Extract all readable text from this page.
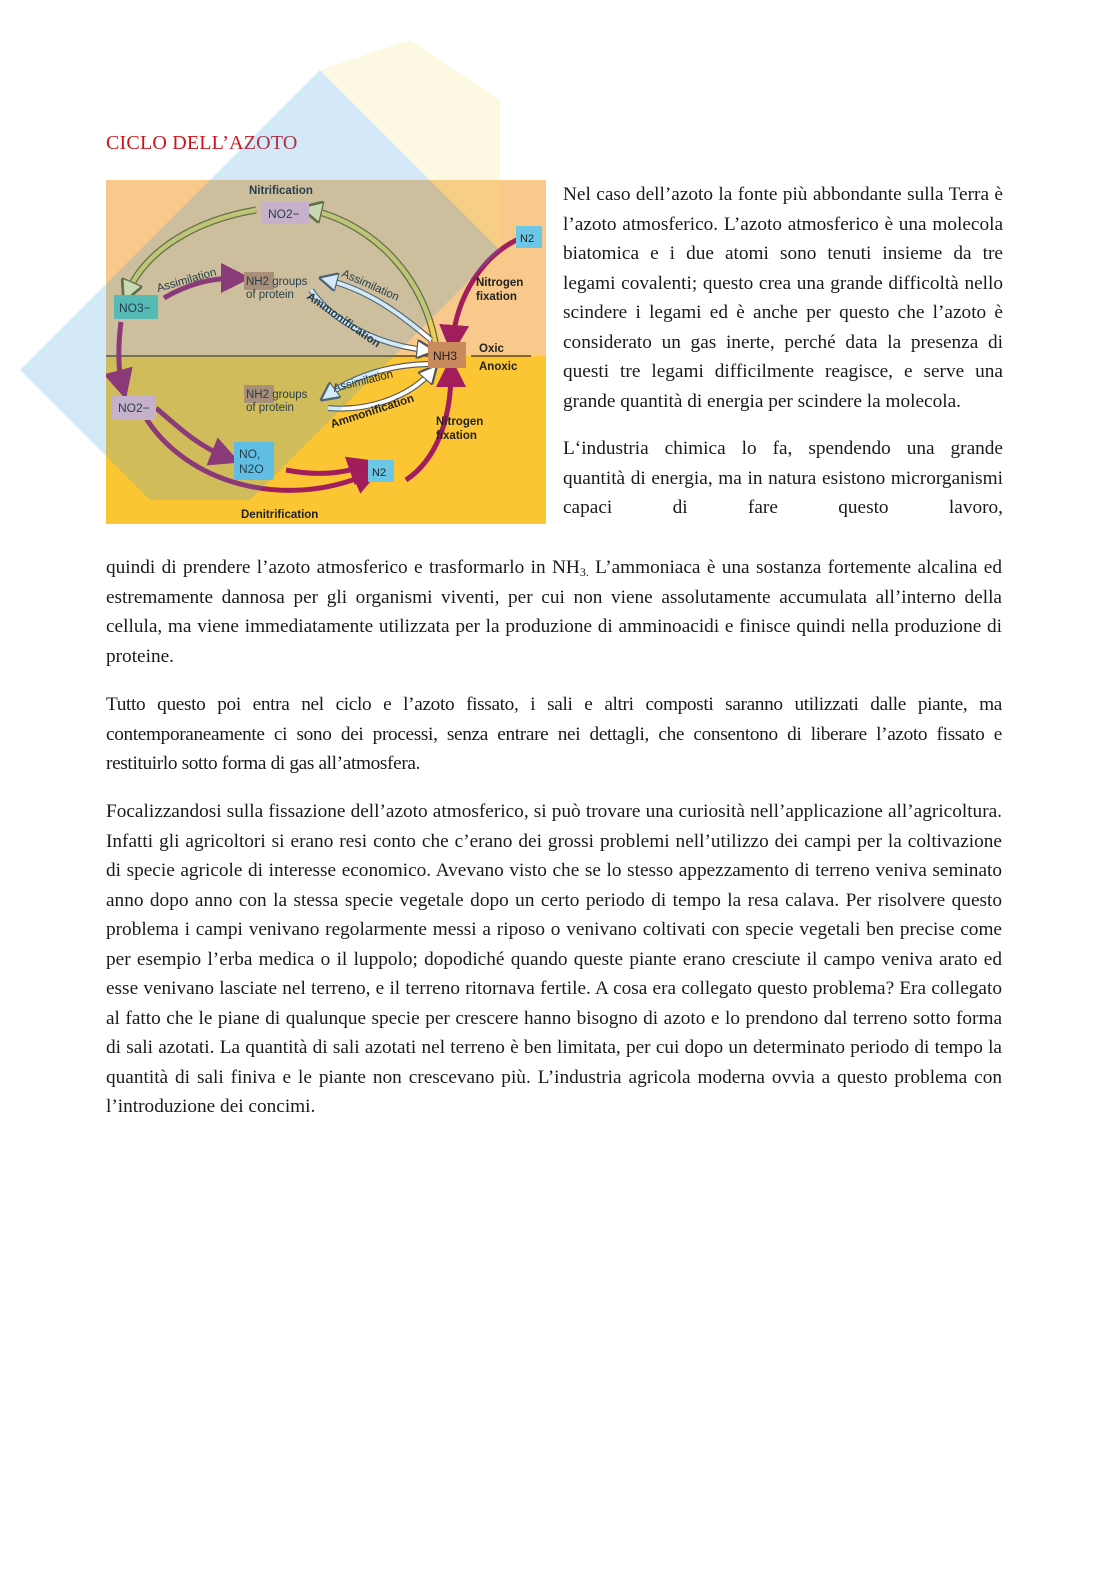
CICLO DELL’AZOTO
Nitrification
NO2−
NO3−
Assimilation NH2 groups
of protein	Assimilation
Ammonification
N2
Nitrogen
fixation
NH3 Oxic
Anoxic
NO2−
NH2 groups
of protein
Assimilation
Ammonification Nitrogen
fixation
NO,
N2O	N2
Denitrification

Nel caso dell’azoto la fonte più abbondante sulla Terra è l’azoto atmosferico. L’azoto atmosferico è una molecola biatomica e i due atomi sono tenuti insieme da tre legami covalenti; questo crea una grande difficoltà nello scindere i legami ed è anche per questo che l’azoto è considerato un gas inerte, perché data la presenza di questi tre legami difficilmente reagisce, e serve una grande quantità di energia per scindere la molecola.

L‘industria chimica lo fa, spendendo una grande quantità di energia, ma in natura esistono microrganismi capaci di fare questo lavoro,

quindi di prendere l’azoto atmosferico e trasformarlo in $NH_{3.}$ L’ammoniaca è una sostanza fortemente alcalina ed estremamente dannosa per gli organismi viventi, per cui non viene assolutamente accumulata all’interno della cellula, ma viene immediatamente utilizzata per la produzione di amminoacidi e finisce quindi nella produzione di proteine.

Tutto questo poi entra nel ciclo e l’azoto fissato, i sali e altri composti saranno utilizzati dalle piante, ma contemporaneamente ci sono dei processi, senza entrare nei dettagli, che consentono di liberare l’azoto fissato e restituirlo sotto forma di gas all’atmosfera.

Focalizzandosi sulla fissazione dell’azoto atmosferico, si può trovare una curiosità nell’applicazione all’agricoltura. Infatti gli agricoltori si erano resi conto che c’erano dei grossi problemi nell’utilizzo dei campi per la coltivazione di specie agricole di interesse economico. Avevano visto che se lo stesso appezzamento di terreno veniva seminato anno dopo anno con la stessa specie vegetale dopo un certo periodo di tempo la resa calava. Per risolvere questo problema i campi venivano regolarmente messi a riposo o venivano coltivati con specie vegetali ben precise come per esempio l’erba medica o il luppolo; dopodiché quando queste piante erano cresciute il campo veniva arato ed esse venivano lasciate nel terreno, e il terreno ritornava fertile. A cosa era collegato questo problema? Era collegato al fatto che le piane di qualunque specie per crescere hanno bisogno di azoto e lo prendono dal terreno sotto forma di sali azotati. La quantità di sali azotati nel terreno è ben limitata, per cui dopo un determinato periodo di tempo la quantità di sali finiva e le piante non crescevano più. L’industria agricola moderna ovvia a questo problema con l’introduzione dei concimi.
